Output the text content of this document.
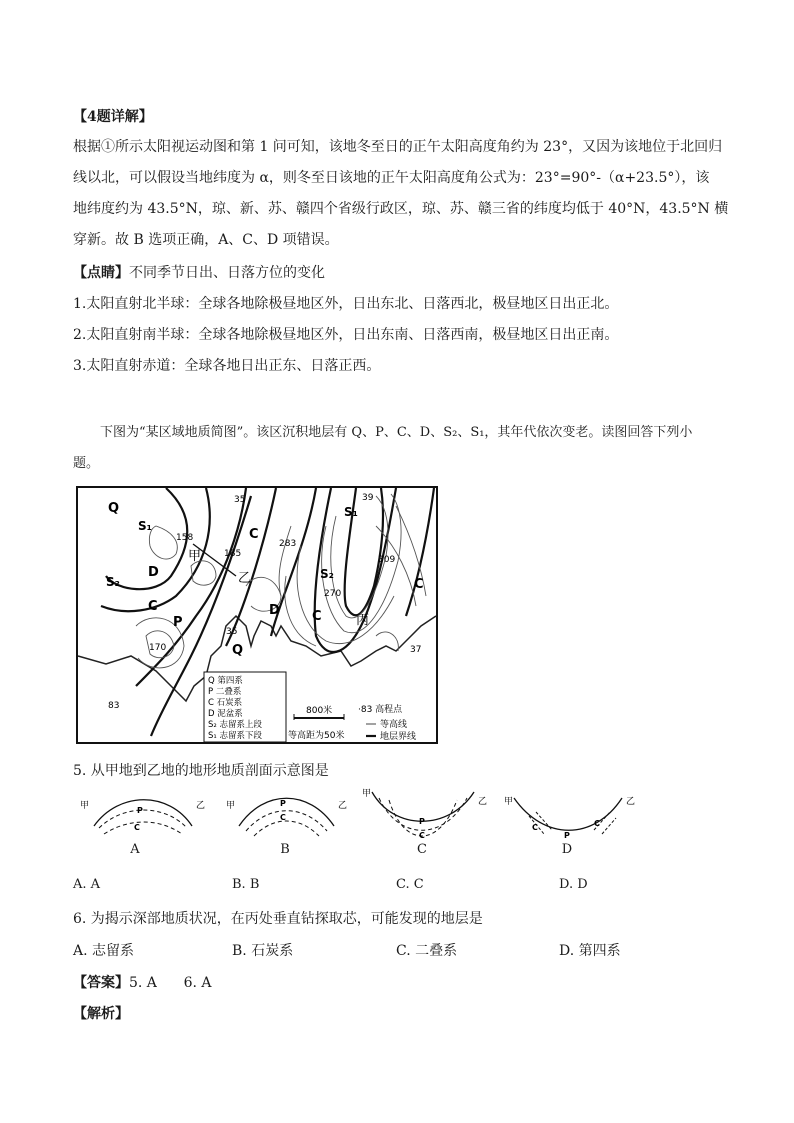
【4题详解】
根据①所示太阳视运动图和第 1 问可知，该地冬至日的正午太阳高度角约为 23°，又因为该地位于北回归
线以北，可以假设当地纬度为 α，则冬至日该地的正午太阳高度角公式为：23°=90°-（α+23.5°），该
地纬度约为 43.5°N，琼、新、苏、赣四个省级行政区，琼、苏、赣三省的纬度均低于 40°N，43.5°N 横
穿新。故 B 选项正确，A、C、D 项错误。
【点睛】不同季节日出、日落方位的变化
1.太阳直射北半球：全球各地除极昼地区外，日出东北、日落西北，极昼地区日出正北。
2.太阳直射南半球：全球各地除极昼地区外，日出东南、日落西南，极昼地区日出正南。
3.太阳直射赤道：全球各地日出正东、日落正西。
下图为“某区域地质简图”。该区沉积地层有 Q、P、C、D、S₂、S₁，其年代依次变老。读图回答下列小
题。
Q
S₁
D
S₂
C
P
C
S₁
S₂
C
D
Q
C
35	39
158
185
283
309
270
170
35
83
37
甲
乙
丙
Q 第四系
P 二叠系
C 石炭系
D 泥盆系
S₂ 志留系上段
S₁ 志留系下段
800米
等高距为50米
·83 高程点
等高线
地层界线
5. 从甲地到乙地的地形地质剖面示意图是
甲	乙
P
C
甲	乙
P
C
甲
乙
P
C
甲	乙
C
P
C
A	B	C	D
A. A	B. B	C. C	D. D
6. 为揭示深部地质状况，在丙处垂直钻探取芯，可能发现的地层是
A. 志留系	B. 石炭系	C. 二叠系	D. 第四系
【答案】5. A      6. A
【解析】
